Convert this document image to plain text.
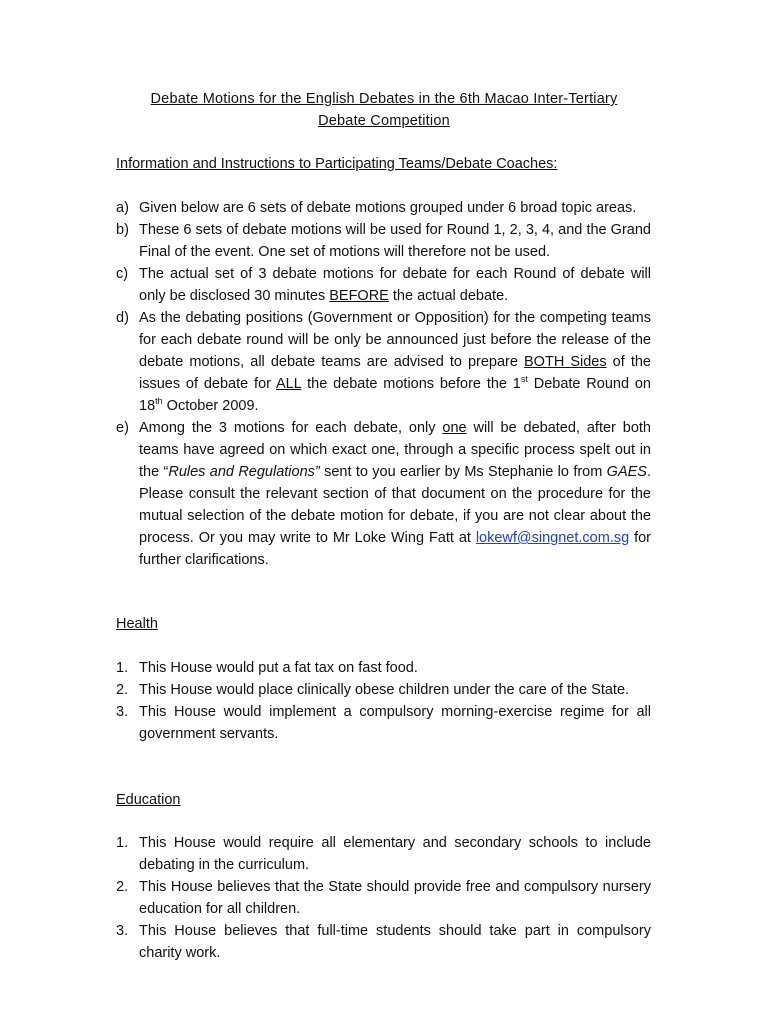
Debate Motions for the English Debates in the 6th Macao Inter-Tertiary
Debate Competition
Information and Instructions to Participating Teams/Debate Coaches:
a) Given below are 6 sets of debate motions grouped under 6 broad topic areas.
b) These 6 sets of debate motions will be used for Round 1, 2, 3, 4, and the Grand Final of the event. One set of motions will therefore not be used.
c) The actual set of 3 debate motions for debate for each Round of debate will only be disclosed 30 minutes BEFORE the actual debate.
d) As the debating positions (Government or Opposition) for the competing teams for each debate round will be only be announced just before the release of the debate motions, all debate teams are advised to prepare BOTH Sides of the issues of debate for ALL the debate motions before the 1st Debate Round on 18th October 2009.
e) Among the 3 motions for each debate, only one will be debated, after both teams have agreed on which exact one, through a specific process spelt out in the “Rules and Regulations” sent to you earlier by Ms Stephanie lo from GAES. Please consult the relevant section of that document on the procedure for the mutual selection of the debate motion for debate, if you are not clear about the process. Or you may write to Mr Loke Wing Fatt at lokewf@singnet.com.sg for further clarifications.
Health
1. This House would put a fat tax on fast food.
2. This House would place clinically obese children under the care of the State.
3. This House would implement a compulsory morning-exercise regime for all government servants.
Education
1. This House would require all elementary and secondary schools to include debating in the curriculum.
2. This House believes that the State should provide free and compulsory nursery education for all children.
3. This House believes that full-time students should take part in compulsory charity work.
